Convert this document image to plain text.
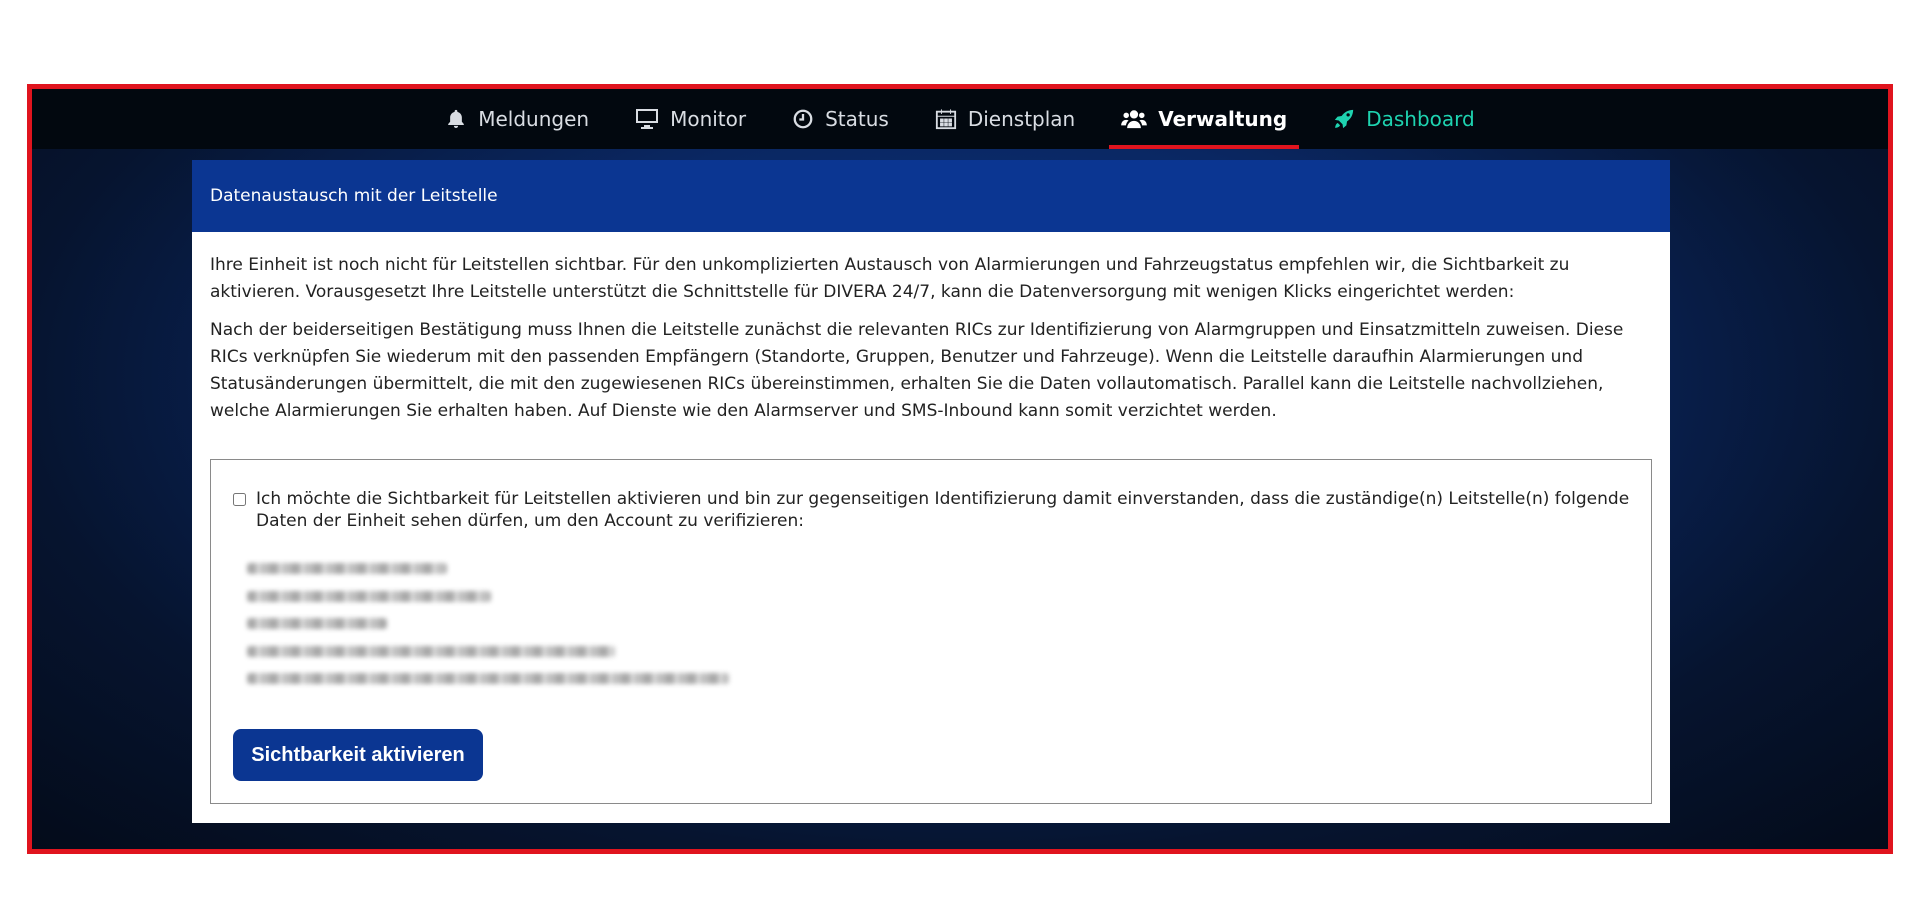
Meldungen	Monitor	Status	Dienstplan	Verwaltung	Dashboard
Datenaustausch mit der Leitstelle

Ihre Einheit ist noch nicht für Leitstellen sichtbar. Für den unkomplizierten Austausch von Alarmierungen und Fahrzeugstatus empfehlen wir, die Sichtbarkeit zu aktivieren. Vorausgesetzt Ihre Leitstelle unterstützt die Schnittstelle für DIVERA 24/7, kann die Datenversorgung mit wenigen Klicks eingerichtet werden:

Nach der beiderseitigen Bestätigung muss Ihnen die Leitstelle zunächst die relevanten RICs zur Identifizierung von Alarmgruppen und Einsatzmitteln zuweisen. Diese RICs verknüpfen Sie wiederum mit den passenden Empfängern (Standorte, Gruppen, Benutzer und Fahrzeuge). Wenn die Leitstelle daraufhin Alarmierungen und Statusänderungen übermittelt, die mit den zugewiesenen RICs übereinstimmen, erhalten Sie die Daten vollautomatisch. Parallel kann die Leitstelle nachvollziehen, welche Alarmierungen Sie erhalten haben. Auf Dienste wie den Alarmserver und SMS-Inbound kann somit verzichtet werden.

Ich möchte die Sichtbarkeit für Leitstellen aktivieren und bin zur gegenseitigen Identifizierung damit einverstanden, dass die zuständige(n) Leitstelle(n) folgende Daten der Einheit sehen dürfen, um den Account zu verifizieren:
Sichtbarkeit aktivieren
